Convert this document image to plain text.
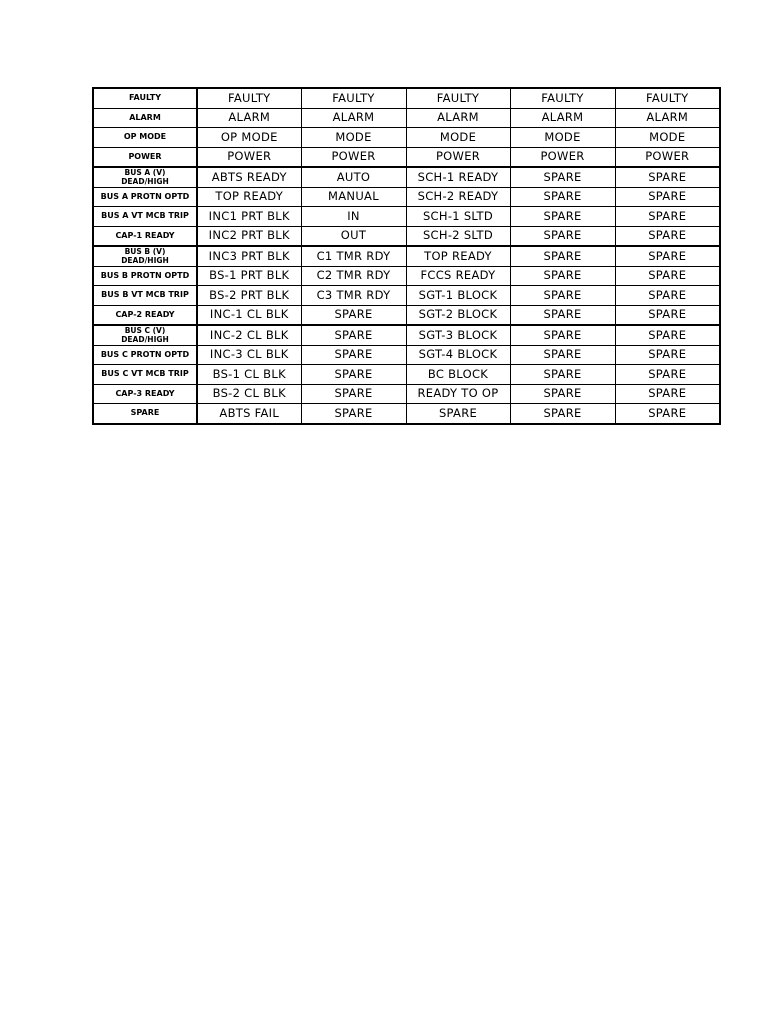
FAULTY	FAULTY	FAULTY	FAULTY	FAULTY	FAULTY
ALARM	ALARM	ALARM	ALARM	ALARM	ALARM
OP MODE	OP MODE	MODE	MODE	MODE	MODE
POWER	POWER	POWER	POWER	POWER	POWER
BUS A (V)
DEAD/HIGH	ABTS READY	AUTO	SCH-1 READY	SPARE	SPARE
BUS A PROTN OPTD	TOP READY	MANUAL	SCH-2 READY	SPARE	SPARE
BUS A VT MCB TRIP	INC1 PRT BLK	IN	SCH-1 SLTD	SPARE	SPARE
CAP-1 READY	INC2 PRT BLK	OUT	SCH-2 SLTD	SPARE	SPARE
BUS B (V)
DEAD/HIGH	INC3 PRT BLK	C1 TMR RDY	TOP READY	SPARE	SPARE
BUS B PROTN OPTD	BS-1 PRT BLK	C2 TMR RDY	FCCS READY	SPARE	SPARE
BUS B VT MCB TRIP	BS-2 PRT BLK	C3 TMR RDY	SGT-1 BLOCK	SPARE	SPARE
CAP-2 READY	INC-1 CL BLK	SPARE	SGT-2 BLOCK	SPARE	SPARE
BUS C (V)
DEAD/HIGH	INC-2 CL BLK	SPARE	SGT-3 BLOCK	SPARE	SPARE
BUS C PROTN OPTD	INC-3 CL BLK	SPARE	SGT-4 BLOCK	SPARE	SPARE
BUS C VT MCB TRIP	BS-1 CL BLK	SPARE	BC BLOCK	SPARE	SPARE
CAP-3 READY	BS-2 CL BLK	SPARE	READY TO OP	SPARE	SPARE
SPARE	ABTS FAIL	SPARE	SPARE	SPARE	SPARE
